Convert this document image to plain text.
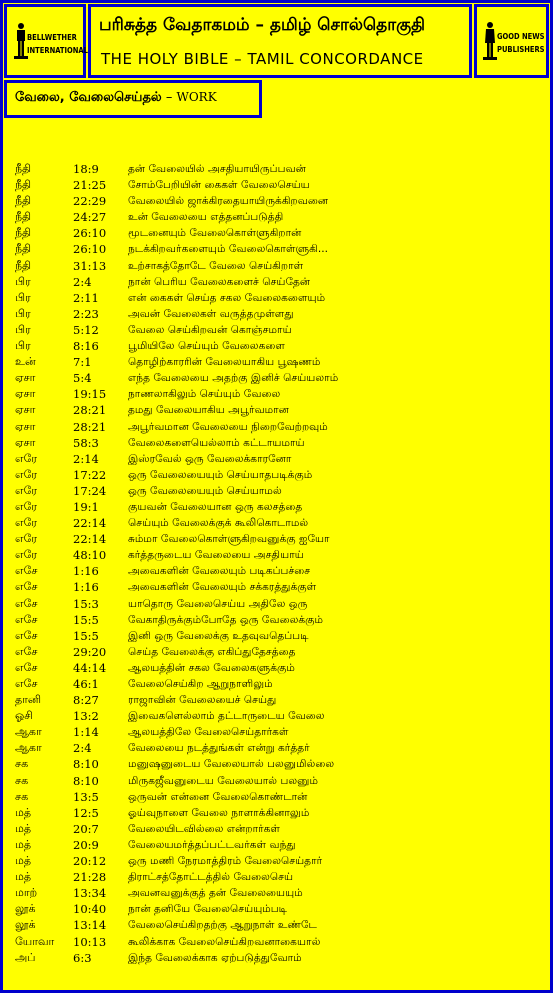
BELLWETHER
INTERNATIONAL
பரிசுத்த வேதாகமம் – தமிழ் சொல்தொகுதி
THE HOLY BIBLE – TAMIL CONCORDANCE
GOOD NEWS
PUBLISHERS
வேலை, வேலைசெய்தல் – WORK
நீதி	18:9	தன் வேலையில் அசதியாயிருப்பவன்
நீதி	21:25 சோம்பேறியின் கைகள் வேலைசெய்ய
நீதி	22:29 வேலையில் ஜாக்கிரதையாயிருக்கிறவனை
நீதி	24:27 உன் வேலையை எத்தனப்படுத்தி
நீதி	26:10 மூடனையும் வேலைகொள்ளுகிறான்
நீதி	26:10 நடக்கிறவர்களையும் வேலைகொள்ளுகி...
நீதி	31:13 உற்சாகத்தோடே வேலை செய்கிறாள்
பிர	2:4	நான் பெரிய வேலைகளைச் செய்தேன்
பிர	2:11	என் கைகள் செய்த சகல வேலைகளையும்
பிர	2:23	அவன் வேலைகள் வருத்தமுள்ளது
பிர	5:12	வேலை செய்கிறவன் கொஞ்சமாய்
பிர	8:16	பூமியிலே செய்யும் வேலைகளை
உன்	7:1	தொழிற்காரரின் வேலையாகிய பூஷணம்
ஏசா	5:4	எந்த வேலையை அதற்கு இனிச் செய்யலாம்
ஏசா	19:15 நாணலாகிலும் செய்யும் வேலை
ஏசா	28:21 தமது வேலையாகிய அபூர்வமான
ஏசா	28:21 அபூர்வமான வேலையை நிறைவேற்றவும்
ஏசா	58:3	வேலைகளையெல்லாம் கட்டாயமாய்
எரே	2:14	இஸ்ரவேல் ஒரு வேலைக்காரனோ
எரே	17:22 ஒரு வேலையையும் செய்யாதபடிக்கும்
எரே	17:24 ஒரு வேலையையும் செய்யாமல்
எரே	19:1	குயவன் வேலையான ஒரு கலசத்தை
எரே	22:14 செய்யும் வேலைக்குக் கூலிகொடாமல்
எரே	22:14 சும்மா வேலைகொள்ளுகிறவனுக்கு ஐயோ
எரே	48:10 கர்த்தருடைய வேலையை அசதியாய்
எசே	1:16	அவைகளின் வேலையும் படிகப்பச்சை
எசே	1:16	அவைகளின் வேலையும் சக்கரத்துக்குள்
எசே	15:3	யாதொரு வேலைசெய்ய அதிலே ஒரு
எசே	15:5	வேகாதிருக்கும்போதே ஒரு வேலைக்கும்
எசே	15:5	இனி ஒரு வேலைக்கு உதவுவதெப்படி
எசே	29:20 செய்த வேலைக்கு எகிப்துதேசத்தை
எசே	44:14 ஆலயத்தின் சகல வேலைகளுக்கும்
எசே	46:1	வேலைசெய்கிற ஆறுநாளிலும்
தானி	8:27	ராஜாவின் வேலையைச் செய்து
ஓசி	13:2	இவைகளெல்லாம் தட்டாருடைய வேலை
ஆகா	1:14	ஆலயத்திலே வேலைசெய்தார்கள்
ஆகா	2:4	வேலையை நடத்துங்கள் என்று கர்த்தர்
சக	8:10	மனுஷனுடைய வேலையால் பலனுமில்லை
சக	8:10	மிருகஜீவனுடைய வேலையால் பலனும்
சக	13:5	ஒருவன் என்னை வேலைகொண்டான்
மத்	12:5	ஓய்வுநாளை வேலை நாளாக்கினாலும்
மத்	20:7	வேலையிடவில்லை என்றார்கள்
மத்	20:9	வேலையமர்த்தப்பட்டவர்கள் வந்து
மத்	20:12 ஒரு மணி நேரமாத்திரம் வேலைசெய்தார்
மத்	21:28 திராட்சத்தோட்டத்தில் வேலைசெய்
மாற்	13:34 அவனவனுக்குத் தன் வேலையையும்
லூக்	10:40 நான் தனியே வேலைசெய்யும்படி
லூக்	13:14 வேலைசெய்கிறதற்கு ஆறுநாள் உண்டே
யோவா 10:13 கூலிக்காக வேலைசெய்கிறவனாகையால்
அப்	6:3	இந்த வேலைக்காக ஏற்படுத்துவோம்
